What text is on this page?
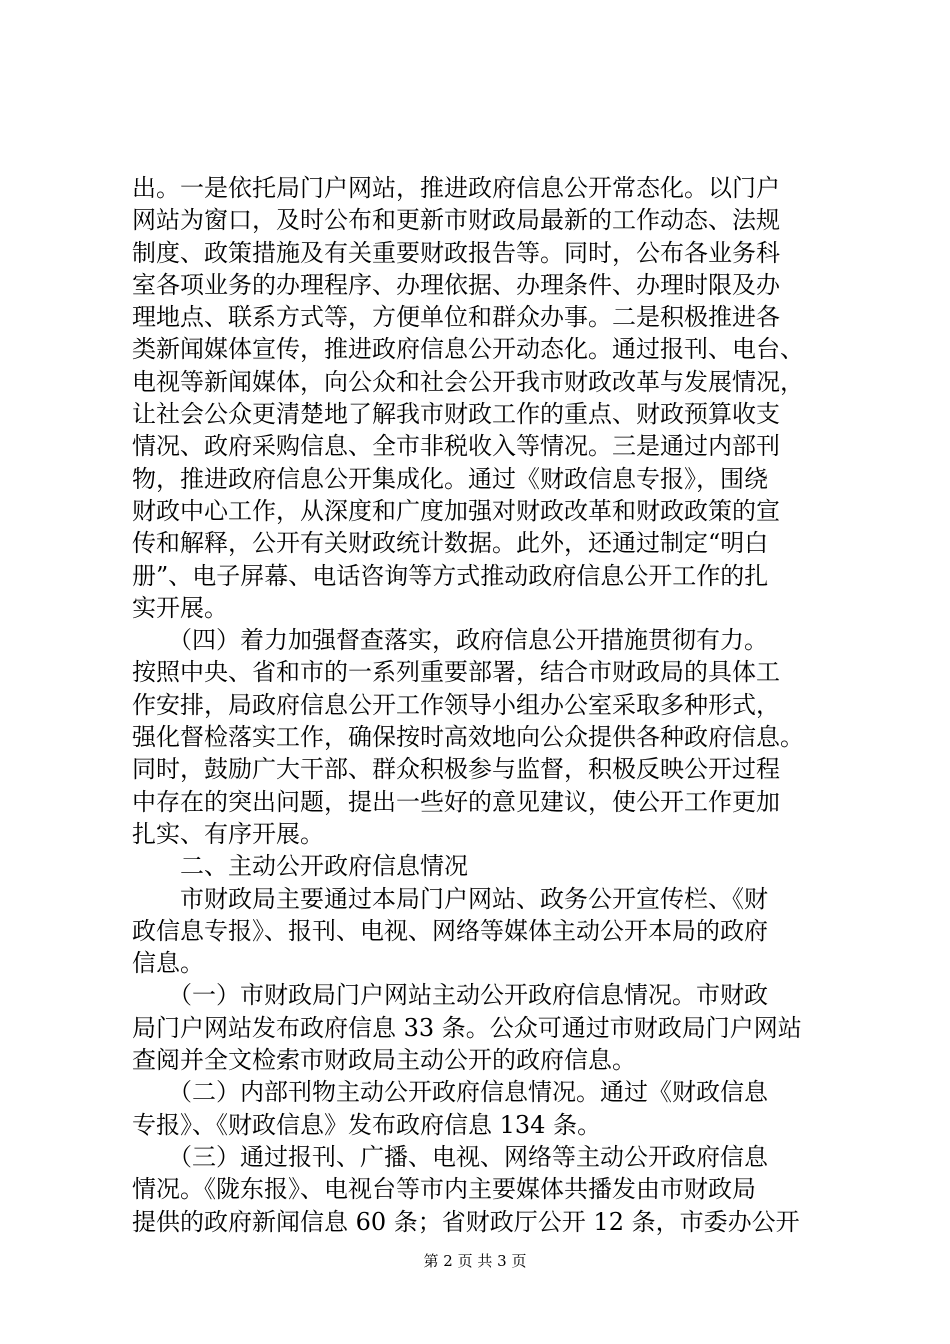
出。一是依托局门户网站，推进政府信息公开常态化。以门户
网站为窗口，及时公布和更新市财政局最新的工作动态、法规
制度、政策措施及有关重要财政报告等。同时，公布各业务科
室各项业务的办理程序、办理依据、办理条件、办理时限及办
理地点、联系方式等，方便单位和群众办事。二是积极推进各
类新闻媒体宣传，推进政府信息公开动态化。通过报刊、电台、
电视等新闻媒体，向公众和社会公开我市财政改革与发展情况，
让社会公众更清楚地了解我市财政工作的重点、财政预算收支
情况、政府采购信息、全市非税收入等情况。三是通过内部刊
物，推进政府信息公开集成化。通过《财政信息专报》，围绕
财政中心工作，从深度和广度加强对财政改革和财政政策的宣
传和解释，公开有关财政统计数据。此外，还通过制定“明白
册”、电子屏幕、电话咨询等方式推动政府信息公开工作的扎
实开展。
　　（四）着力加强督查落实，政府信息公开措施贯彻有力。
按照中央、省和市的一系列重要部署，结合市财政局的具体工
作安排，局政府信息公开工作领导小组办公室采取多种形式，
强化督检落实工作，确保按时高效地向公众提供各种政府信息。
同时，鼓励广大干部、群众积极参与监督，积极反映公开过程
中存在的突出问题，提出一些好的意见建议，使公开工作更加
扎实、有序开展。
　　二、主动公开政府信息情况
　　市财政局主要通过本局门户网站、政务公开宣传栏、《财
政信息专报》、报刊、电视、网络等媒体主动公开本局的政府
信息。
　　（一）市财政局门户网站主动公开政府信息情况。市财政
局门户网站发布政府信息 33 条。公众可通过市财政局门户网站
查阅并全文检索市财政局主动公开的政府信息。
　　（二）内部刊物主动公开政府信息情况。通过《财政信息
专报》、《财政信息》发布政府信息 134 条。
　　（三）通过报刊、广播、电视、网络等主动公开政府信息
情况。《陇东报》、电视台等市内主要媒体共播发由市财政局
提供的政府新闻信息 60 条；省财政厅公开 12 条，市委办公开
第 2 页 共 3 页
